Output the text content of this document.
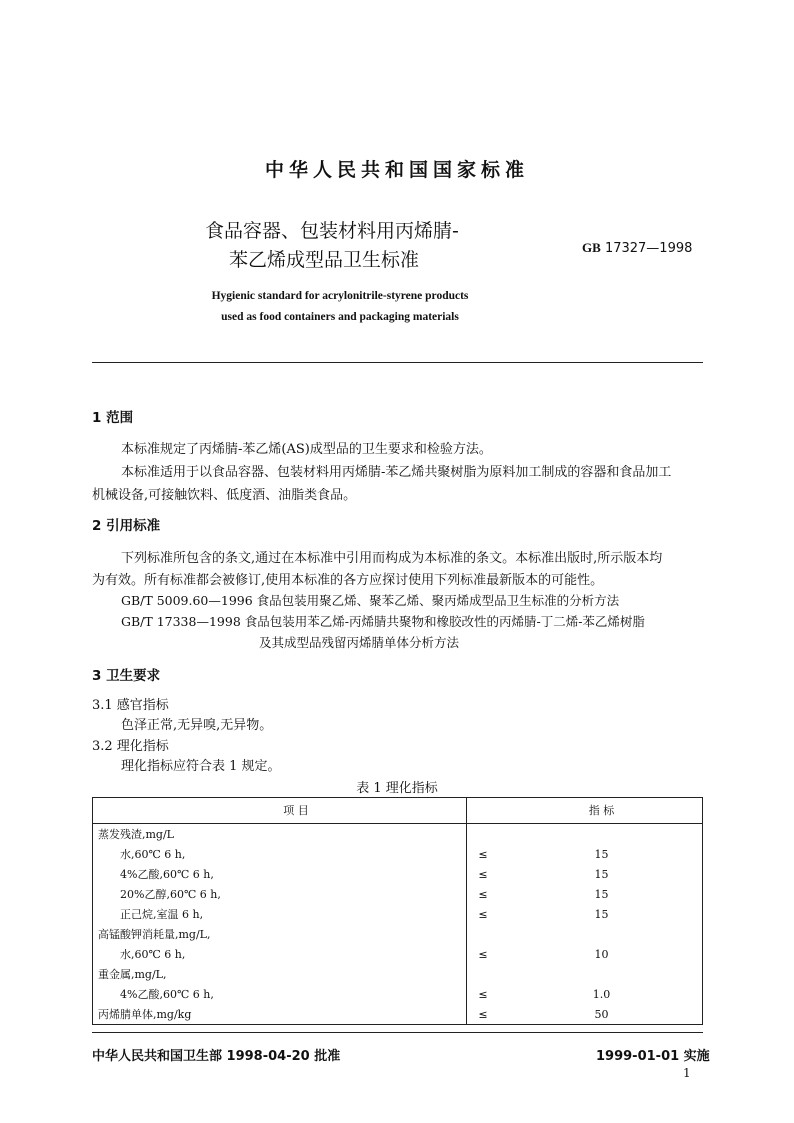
中华人民共和国国家标准
食品容器、包装材料用丙烯腈-
苯乙烯成型品卫生标准
GB 17327—1998
Hygienic standard for acrylonitrile-styrene products
used as food containers and packaging materials
1 范围
本标准规定了丙烯腈-苯乙烯(AS)成型品的卫生要求和检验方法。
本标准适用于以食品容器、包装材料用丙烯腈-苯乙烯共聚树脂为原料加工制成的容器和食品加工
机械设备,可接触饮料、低度酒、油脂类食品。
2 引用标准
下列标准所包含的条文,通过在本标准中引用而构成为本标准的条文。本标准出版时,所示版本均
为有效。所有标准都会被修订,使用本标准的各方应探讨使用下列标准最新版本的可能性。
GB/T 5009.60—1996 食品包装用聚乙烯、聚苯乙烯、聚丙烯成型品卫生标准的分析方法
GB/T 17338—1998 食品包装用苯乙烯-丙烯腈共聚物和橡胶改性的丙烯腈-丁二烯-苯乙烯树脂
及其成型品残留丙烯腈单体分析方法
3 卫生要求
3.1 感官指标
色泽正常,无异嗅,无异物。
3.2 理化指标
理化指标应符合表 1 规定。
表 1 理化指标
项 目		指 标
蒸发残渣,mg/L		
水,60℃ 6 h,	≤	15
4%乙酸,60℃ 6 h,	≤	15
20%乙醇,60℃ 6 h,	≤	15
正己烷,室温 6 h,	≤	15
高锰酸钾消耗量,mg/L,		
水,60℃ 6 h,	≤	10
重金属,mg/L,		
4%乙酸,60℃ 6 h,	≤	1.0
丙烯腈单体,mg/kg	≤	50
中华人民共和国卫生部 1998-04-20 批准	1999-01-01 实施
1
